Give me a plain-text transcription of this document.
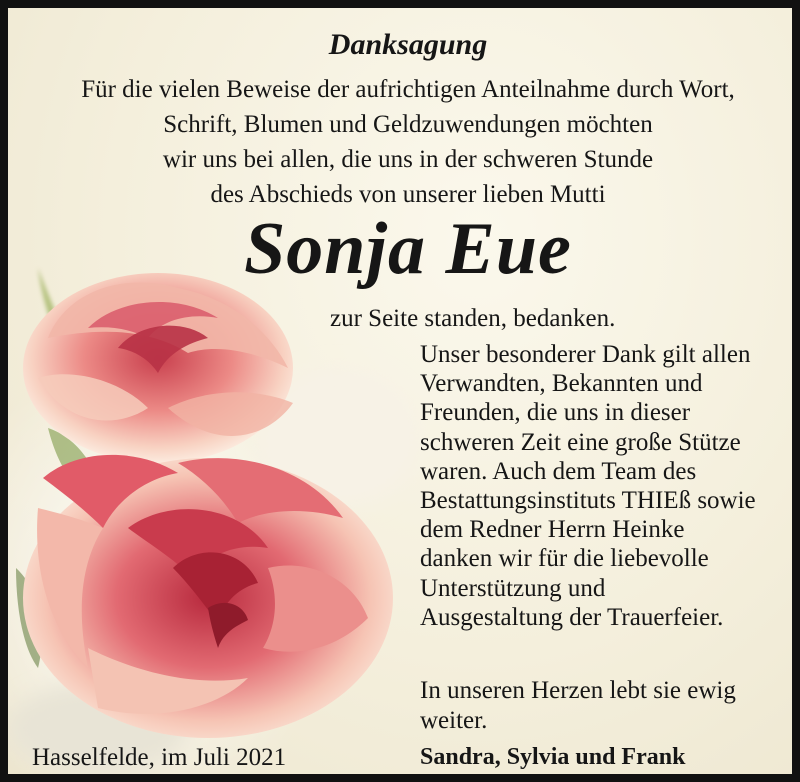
Danksagung

Für die vielen Beweise der aufrichtigen Anteilnahme durch Wort,
Schrift, Blumen und Geldzuwendungen möchten
wir uns bei allen, die uns in der schweren Stunde
des Abschieds von unserer lieben Mutti

Sonja Eue

zur Seite standen, bedanken.

Unser besonderer Dank gilt allen
Verwandten, Bekannten und
Freunden, die uns in dieser
schweren Zeit eine große Stütze
waren. Auch dem Team des
Bestattungsinstituts THIEß sowie
dem Redner Herrn Heinke
danken wir für die liebevolle
Unterstützung und
Ausgestaltung der Trauerfeier.
In unseren Herzen lebt sie ewig
weiter.

Hasselfelde, im Juli 2021	Sandra, Sylvia und Frank
